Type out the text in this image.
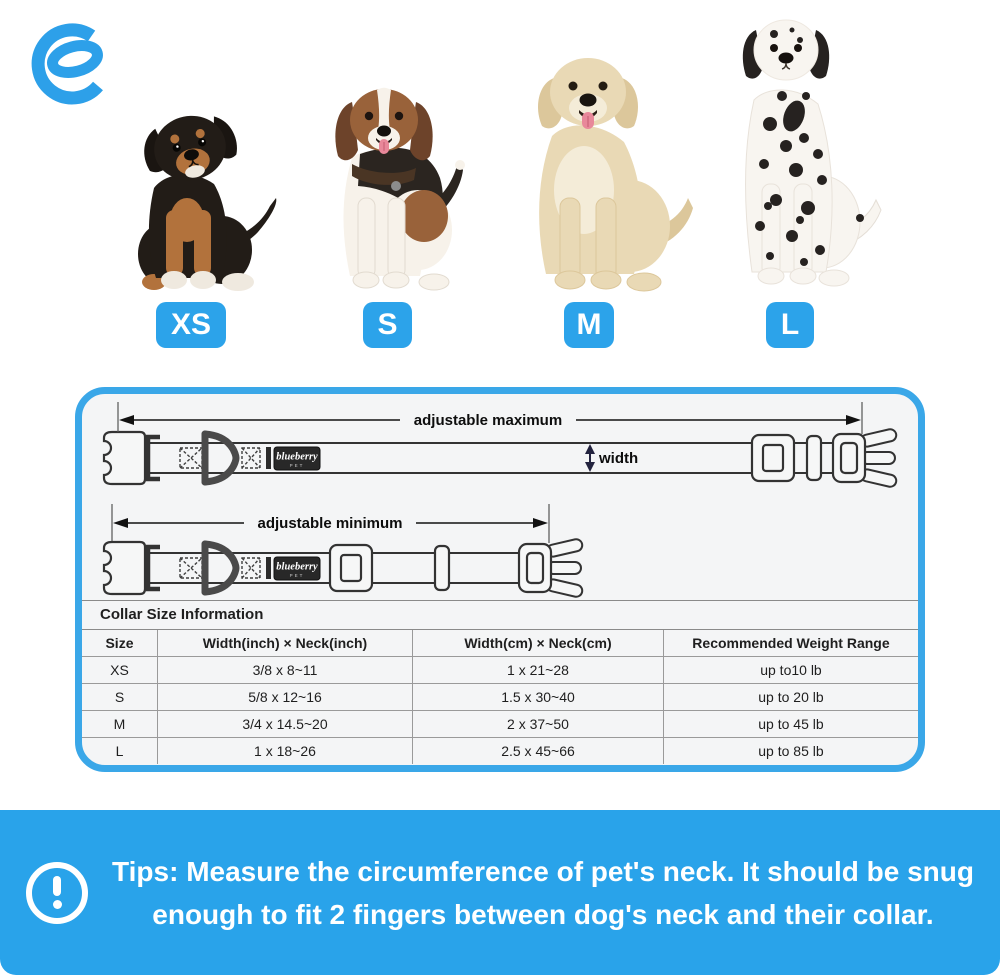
XS	S	M	L
blueberry
PET	adjustable maximum
width
adjustable minimum
Collar Size Information
Size	Width(inch) × Neck(inch)	Width(cm) × Neck(cm)	Recommended Weight Range
XS	3/8 x 8~11	1 x 21~28	up to10 lb
S	5/8 x 12~16	1.5 x 30~40	up to 20 lb
M	3/4 x 14.5~20	2 x 37~50	up to 45 lb
L	1 x 18~26	2.5 x 45~66	up to 85 lb
Tips: Measure the circumference of pet's neck. It should be snug
enough to fit 2 fingers between dog's neck and their collar.
